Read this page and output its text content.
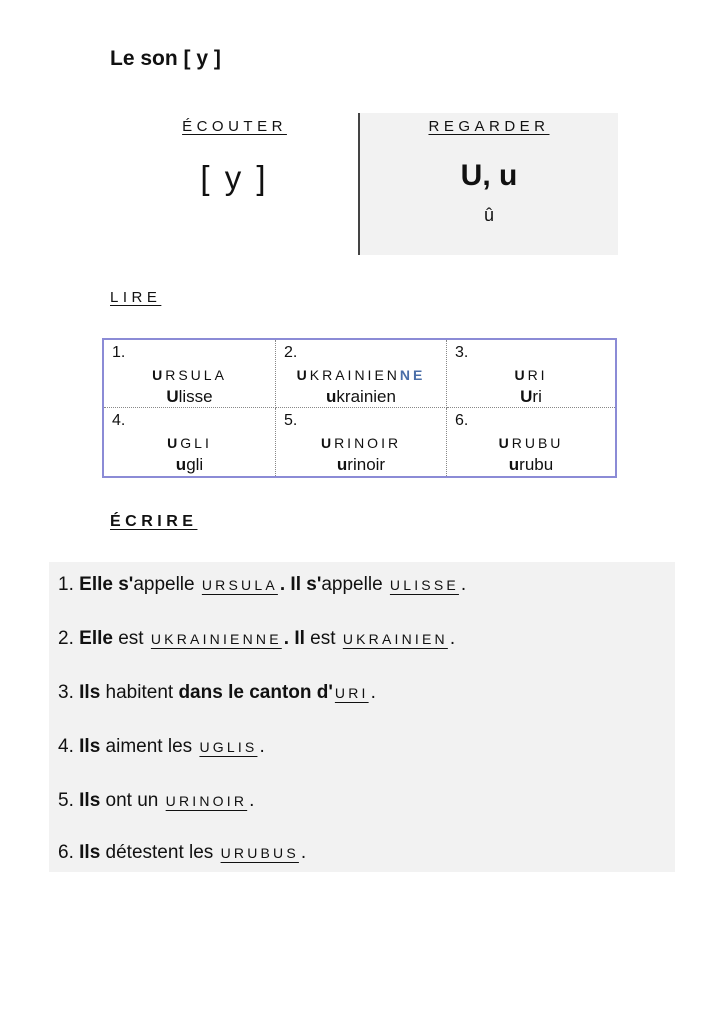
Le son [ y ]
ÉCOUTER
[ y ]
REGARDER
U, u
û
LIRE
1.
URSULA
Ulisse
2.
UKRAINIENNE
ukrainien
3.
URI
Uri
4.
UGLI
ugli
5.
URINOIR
urinoir
6.
URUBU
urubu
ÉCRIRE
1. Elle s'appelle URSULA . Il s'appelle ULISSE .
2. Elle est UKRAINIENNE . Il est UKRAINIEN .
3. Ils habitent dans le canton d' URI .
4. Ils aiment les UGLIS .
5. Ils ont un URINOIR .
6. Ils détestent les URUBUS .
